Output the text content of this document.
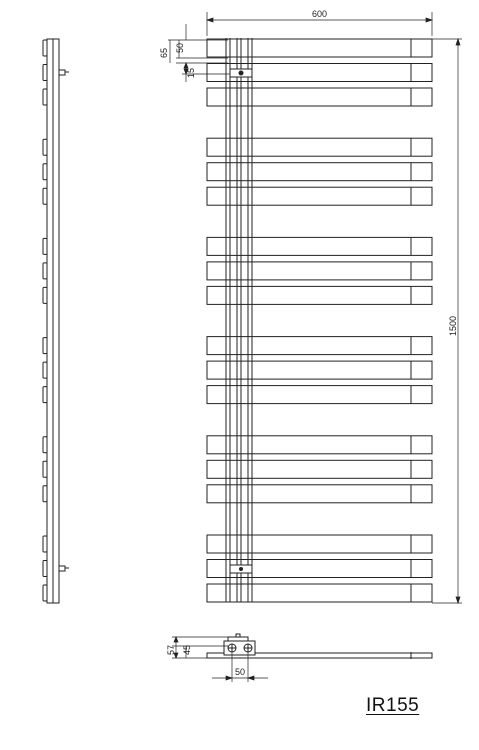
600
1500
65 50
15
57 45
50
IR155
